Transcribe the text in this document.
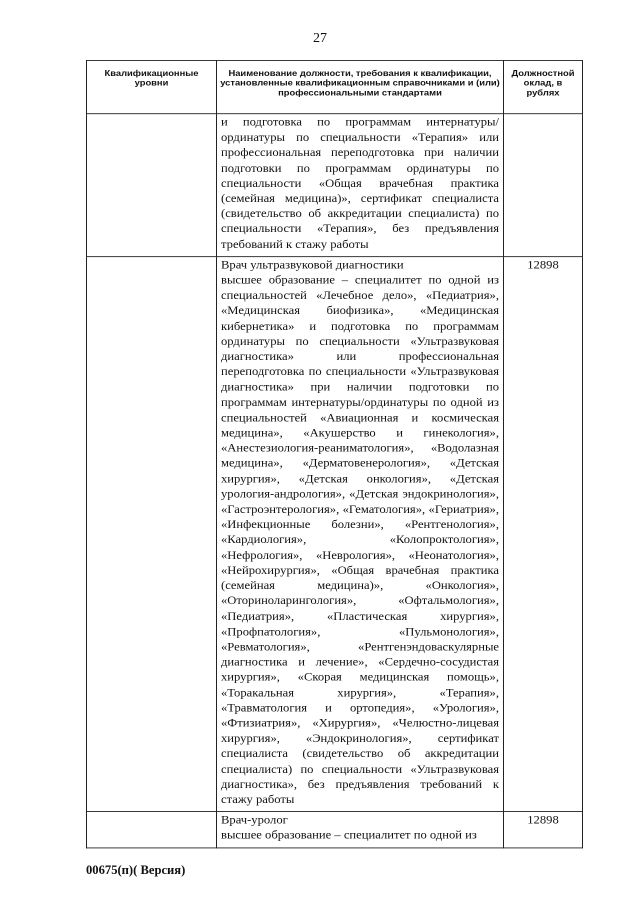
27
Квалификационные уровни	Наименование должности, требования к квалификации, установленные квалификационным справочниками и (или) профессиональными стандартами	Должностной оклад, в рублях
	и подготовка по программам интернатуры/ординатуры по специальности «Терапия» или профессиональная переподготовка при наличии подготовки по программам ординатуры по специальности «Общая врачебная практика (семейная медицина)», сертификат специалиста (свидетельство об аккредитации специалиста) по специальности «Терапия», без предъявления требований к стажу работы	

	Врач ультразвуковой диагностики
высшее образование – специалитет по одной из специальностей «Лечебное дело», «Педиатрия», «Медицинская биофизика», «Медицинская кибернетика» и подготовка по программам ординатуры по специальности «Ультразвуковая диагностика» или профессиональная переподготовка по специальности «Ультразвуковая диагностика» при наличии подготовки по программам интернатуры/ординатуры по одной из специальностей «Авиационная и космическая медицина», «Акушерство и гинекология», «Анестезиология-реаниматология», «Водолазная медицина», «Дерматовенерология», «Детская хирургия», «Детская онкология», «Детская урология-андрология», «Детская эндокринология», «Гастроэнтерология», «Гематология», «Гериатрия», «Инфекционные болезни», «Рентгенология», «Кардиология», «Колопроктология», «Нефрология», «Неврология», «Неонатология», «Нейрохирургия», «Общая врачебная практика (семейная медицина)», «Онкология», «Оториноларингология», «Офтальмология», «Педиатрия», «Пластическая хирургия», «Профпатология», «Пульмонология», «Ревматология», «Рентгенэндоваскулярные диагностика и лечение», «Сердечно-сосудистая хирургия», «Скорая медицинская помощь», «Торакальная хирургия», «Терапия», «Травматология и ортопедия», «Урология», «Фтизиатрия», «Хирургия», «Челюстно-лицевая хирургия», «Эндокринология», сертификат специалиста (свидетельство об аккредитации специалиста) по специальности «Ультразвуковая диагностика», без предъявления требований к стажу работы	12898

	Врач-уролог
высшее образование – специалитет по одной из	12898
00675(п)( Версия)
